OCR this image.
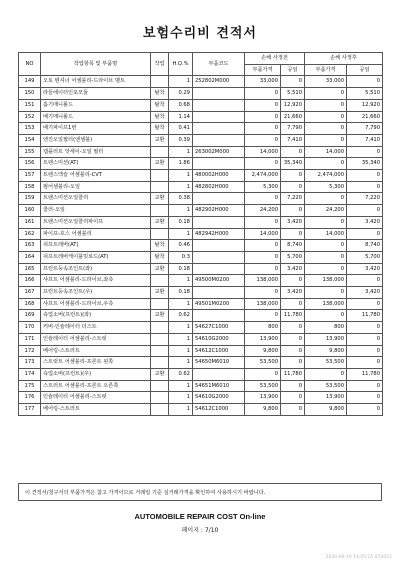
보험수리비 견적서
NO	작업항목 및 부품명	작업	H.Q.%	부품코드	손해 사정전		손해 사정후	
					부품가격	공임	부품가격	공임
149	오토 텐셔너 어셈블리-드라이브 벨트		1	252802M000	33,000	0	33,000	0
150	라들에이터인포모듈	탈착	0.29		0	5,510	0	5,510
151	흡기매니폴드	탈착	0.68		0	12,920	0	12,920
152	배기매니폴드	탈착	1.14		0	21,660	0	21,660
153	배기파이프1번	탈착	0.41		0	7,790	0	7,790
154	엔진오일필터(엔셈블)	교환	0.39		0	7,410	0	7,410
155	캡플러트 앗세이-오일 필터		1	263002M000	14,000	0	14,000	0
156	트랜스미션(AT)	교환	1.86		0	35,340	0	35,340
157	트랜스액슬 어셈블리-CVT		1	480002H000	2,474,000	0	2,474,000	0
158	펌어셈블리-오일		1	482802H000	5,300	0	5,300	0
159	트랜스미션오일쿨러	교환	0.38		0	7,220	0	7,220
160	쿨러-오일		1	482902H000	24,200	0	24,200	0
161	트랜스미션오일쿨러파이프	교환	0.18		0	3,420	0	3,420
162	파이프-호스 어셈블리		1	482942H000	14,000	0	14,000	0
163	쉬프트레버(AT)	탈착	0.46		0	8,740	0	8,740
164	쉬프트레버케이블밋로드(AT)	탈착	0.3		0	5,700	0	5,700
165	프런트등속조인트(좌)	교환	0.18		0	3,420	0	3,420
166	샤프트 어셈블리-드라이브,좌측		1	49500M0200	138,000	0	138,000	0
167	프런트등속조인트(우)	교환	0.18		0	3,420	0	3,420
168	샤프트 어셈블리-드라이브,우측		1	49501M0200	138,000	0	138,000	0
169	쇽업소버(프런트)(좌)	교환	0.62		0	11,780	0	11,780
170	커버-인슐레이터 더스트		1	54627C1000	800	0	800	0
171	인슐레이터 어셈블리-스트럿		1	54610G2000	13,900	0	13,900	0
172	베어링-스트러트		1	54612C1000	9,800	0	9,800	0
173	스트럿트 어셈블리-프론트 왼쪽		1	54650M6010	53,500	0	53,500	0
174	쇽업소버(프런트)(우)	교환	0.62		0	11,780	0	11,780
175	스트러트 어셈블리-프론트 오른쪽		1	54651M6010	53,500	0	53,500	0
176	인슐레이터 어셈블리-스트럿		1	54610G2000	13,900	0	13,900	0
177	베어링-스트러트		1	54612C1000	9,800	0	9,800	0
이 견적서/청구서의 부품가격은 참고 가격이므로 거래일 기준 실거래가격을 확인하여 사용하시기 바랍니다.
AUTOMOBILE REPAIR COST On-line
페이지 : 7/10
2020-06-19 14:05:25 870021
